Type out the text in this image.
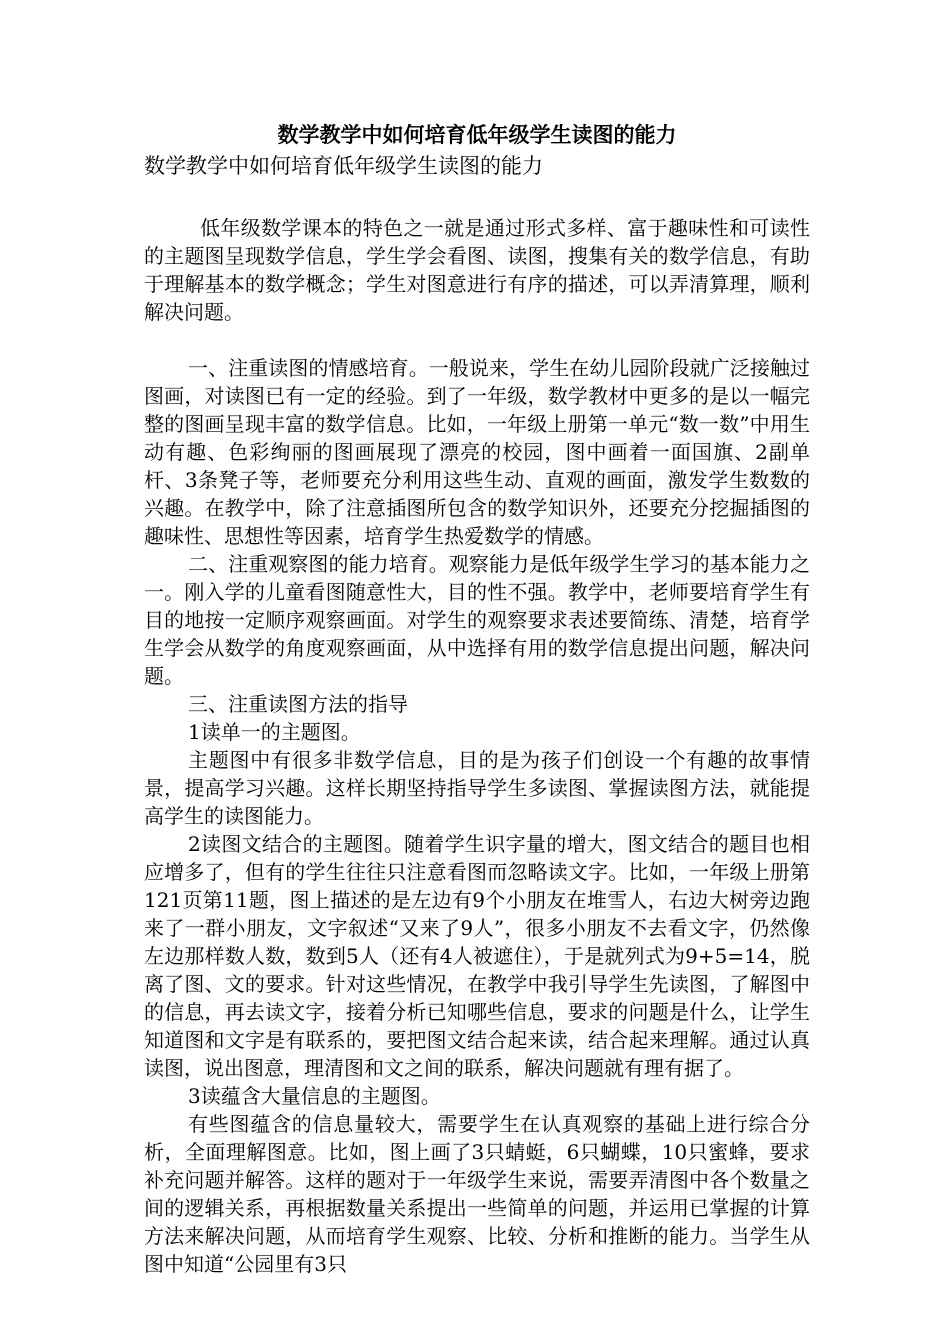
数学教学中如何培育低年级学生读图的能力
数学教学中如何培育低年级学生读图的能力

低年级数学课本的特色之一就是通过形式多样、富于趣味性和可读性的主题图呈现数学信息，学生学会看图、读图，搜集有关的数学信息，有助于理解基本的数学概念；学生对图意进行有序的描述，可以弄清算理，顺利解决问题。

一、注重读图的情感培育。一般说来，学生在幼儿园阶段就广泛接触过图画，对读图已有一定的经验。到了一年级，数学教材中更多的是以一幅完整的图画呈现丰富的数学信息。比如，一年级上册第一单元“数一数”中用生动有趣、色彩绚丽的图画展现了漂亮的校园，图中画着一面国旗、2副单杆、3条凳子等，老师要充分利用这些生动、直观的画面，激发学生数数的兴趣。在教学中，除了注意插图所包含的数学知识外，还要充分挖掘插图的趣味性、思想性等因素，培育学生热爱数学的情感。

二、注重观察图的能力培育。观察能力是低年级学生学习的基本能力之一。刚入学的儿童看图随意性大，目的性不强。教学中，老师要培育学生有目的地按一定顺序观察画面。对学生的观察要求表述要简练、清楚，培育学生学会从数学的角度观察画面，从中选择有用的数学信息提出问题，解决问题。

三、注重读图方法的指导

1读单一的主题图。

主题图中有很多非数学信息，目的是为孩子们创设一个有趣的故事情景，提高学习兴趣。这样长期坚持指导学生多读图、掌握读图方法，就能提高学生的读图能力。

2读图文结合的主题图。随着学生识字量的增大，图文结合的题目也相应增多了，但有的学生往往只注意看图而忽略读文字。比如，一年级上册第121页第11题，图上描述的是左边有9个小朋友在堆雪人，右边大树旁边跑来了一群小朋友，文字叙述“又来了9人”，很多小朋友不去看文字，仍然像左边那样数人数，数到5人（还有4人被遮住），于是就列式为9+5=14，脱离了图、文的要求。针对这些情况，在教学中我引导学生先读图，了解图中的信息，再去读文字，接着分析已知哪些信息，要求的问题是什么，让学生知道图和文字是有联系的，要把图文结合起来读，结合起来理解。通过认真读图，说出图意，理清图和文之间的联系，解决问题就有理有据了。

3读蕴含大量信息的主题图。

有些图蕴含的信息量较大，需要学生在认真观察的基础上进行综合分析，全面理解图意。比如，图上画了3只蜻蜓，6只蝴蝶，10只蜜蜂，要求补充问题并解答。这样的题对于一年级学生来说，需要弄清图中各个数量之间的逻辑关系，再根据数量关系提出一些简单的问题，并运用已掌握的计算方法来解决问题，从而培育学生观察、比较、分析和推断的能力。当学生从图中知道“公园里有3只
